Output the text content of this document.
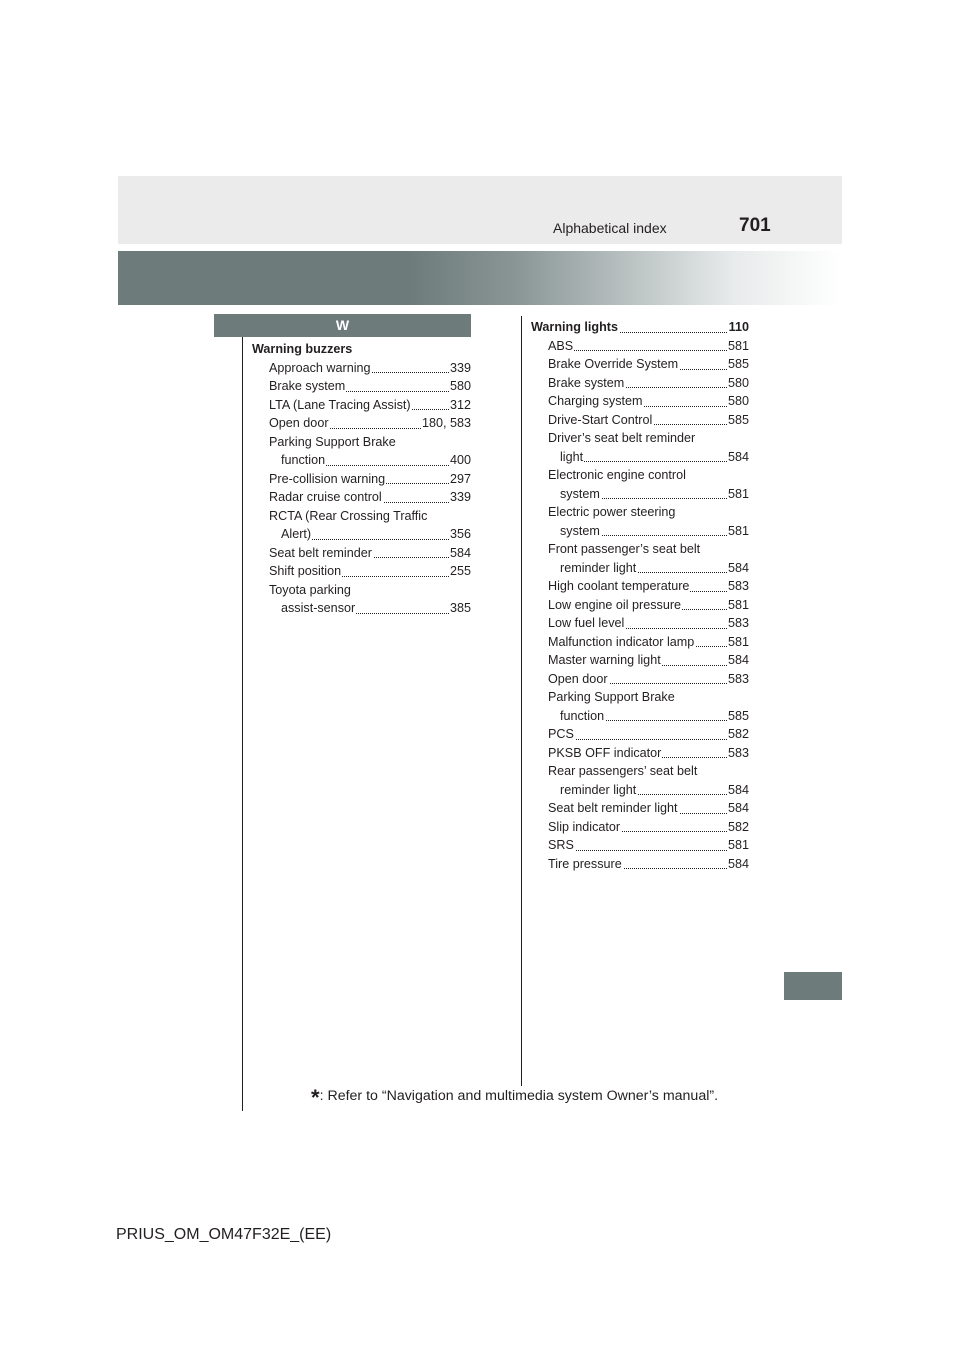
Alphabetical index	701
W
Warning buzzers
Approach warning	339
Brake system	580
LTA (Lane Tracing Assist)	312
Open door	180, 583
Parking Support Brake
function	400
Pre-collision warning	297
Radar cruise control	339
RCTA (Rear Crossing Traffic
Alert)	356
Seat belt reminder	584
Shift position	255
Toyota parking
assist-sensor	385
Warning lights	110
ABS	581
Brake Override System	585
Brake system	580
Charging system	580
Drive-Start Control	585
Driver’s seat belt reminder
light	584
Electronic engine control
system	581
Electric power steering
system	581
Front passenger’s seat belt
reminder light	584
High coolant temperature	583
Low engine oil pressure	581
Low fuel level	583
Malfunction indicator lamp	581
Master warning light	584
Open door	583
Parking Support Brake
function	585
PCS	582
PKSB OFF indicator	583
Rear passengers’ seat belt
reminder light	584
Seat belt reminder light	584
Slip indicator	582
SRS	581
Tire pressure	584
*: Refer to “Navigation and multimedia system Owner’s manual”.
PRIUS_OM_OM47F32E_(EE)
